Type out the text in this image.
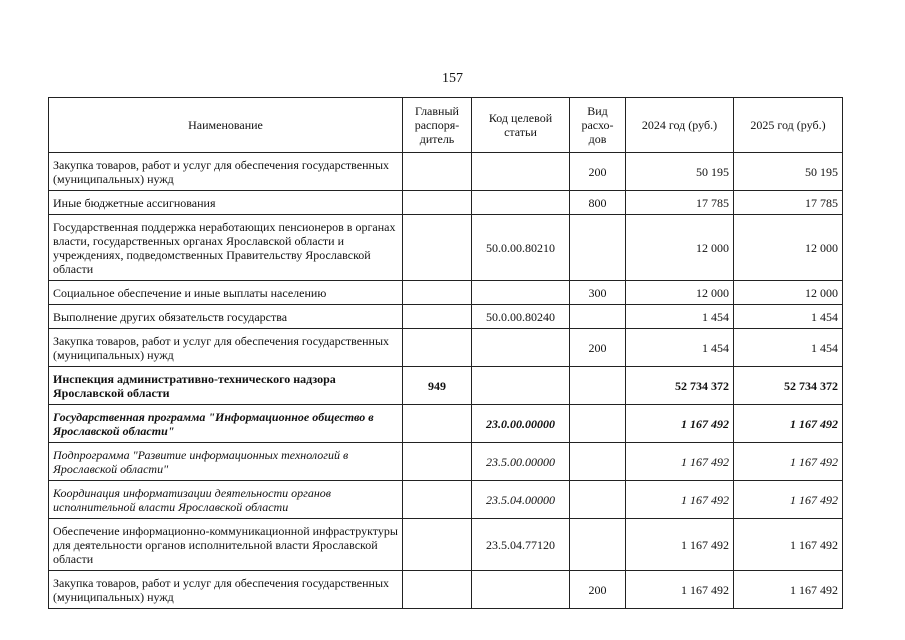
157
Наименование	Главный распоря-дитель	Код целевой статьи	Вид расхо-дов	2024 год (руб.)	2025 год (руб.)
Закупка товаров, работ и услуг для обеспечения государственных (муниципальных) нужд			200	50 195	50 195
Иные бюджетные ассигнования			800	17 785	17 785
Государственная поддержка неработающих пенсионеров в органах власти, государственных органах Ярославской области и учреждениях, подведомственных Правительству Ярославской области		50.0.00.80210		12 000	12 000
Социальное обеспечение и иные выплаты населению			300	12 000	12 000
Выполнение других обязательств государства		50.0.00.80240		1 454	1 454
Закупка товаров, работ и услуг для обеспечения государственных (муниципальных) нужд			200	1 454	1 454
Инспекция административно-технического надзора Ярославской области	949			52 734 372	52 734 372
Государственная программа "Информационное общество в Ярославской области"		23.0.00.00000		1 167 492	1 167 492
Подпрограмма "Развитие информационных технологий в Ярославской области"		23.5.00.00000		1 167 492	1 167 492
Координация информатизации деятельности органов исполнительной власти Ярославской области		23.5.04.00000		1 167 492	1 167 492
Обеспечение информационно-коммуникационной инфраструктуры для деятельности органов исполнительной власти Ярославской области		23.5.04.77120		1 167 492	1 167 492
Закупка товаров, работ и услуг для обеспечения государственных (муниципальных) нужд			200	1 167 492	1 167 492
